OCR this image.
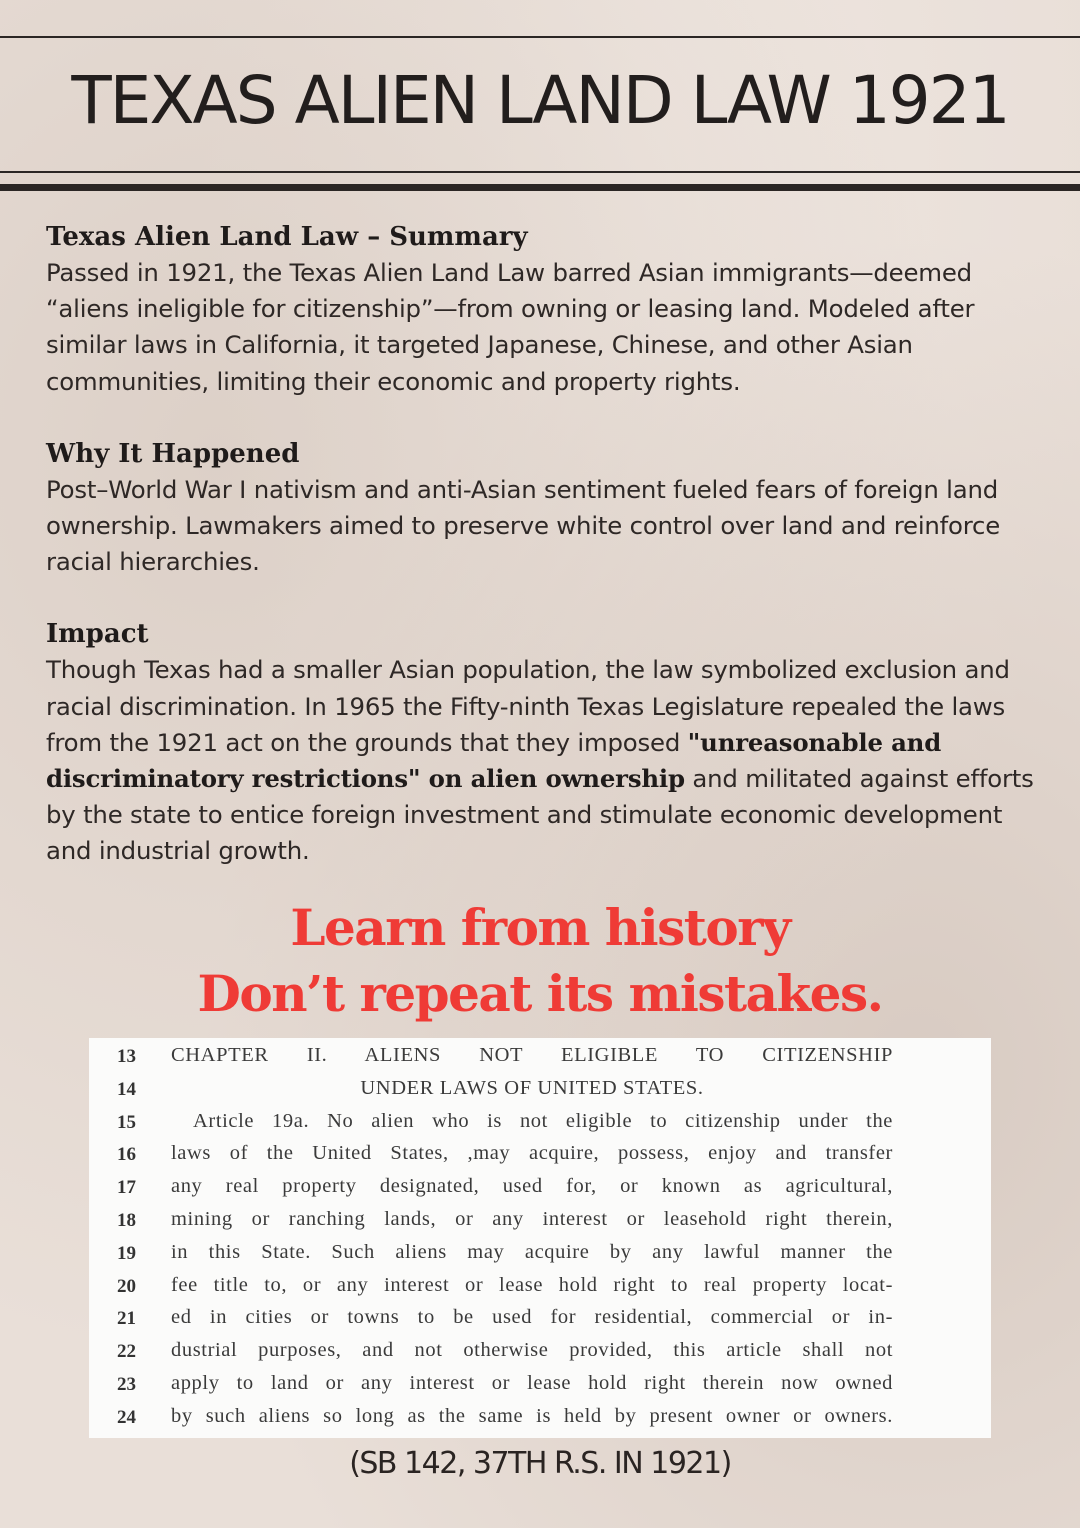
TEXAS ALIEN LAND LAW 1921
Texas Alien Land Law – Summary

Passed in 1921, the Texas Alien Land Law barred Asian immigrants—deemed “aliens ineligible for citizenship”—from owning or leasing land. Modeled after similar laws in California, it targeted Japanese, Chinese, and other Asian communities, limiting their economic and property rights.

Why It Happened

Post–World War I nativism and anti-Asian sentiment fueled fears of foreign land ownership. Lawmakers aimed to preserve white control over land and reinforce racial hierarchies.

Impact

Though Texas had a smaller Asian population, the law symbolized exclusion and racial discrimination. In 1965 the Fifty-ninth Texas Legislature repealed the laws from the 1921 act on the grounds that they imposed "unreasonable and discriminatory restrictions" on alien ownership and militated against efforts by the state to entice foreign investment and stimulate economic development and industrial growth.

Learn from history

Don’t repeat its mistakes.

13	CHAPTER II. ALIENS NOT ELIGIBLE TO CITIZENSHIP
14	UNDER LAWS OF UNITED STATES.
15	Article 19a. No alien who is not eligible to citizenship under the
16	laws of the United States, ,may acquire, possess, enjoy and transfer
17	any real property designated, used for, or known as agricultural,
18	mining or ranching lands, or any interest or leasehold right therein,
19	in this State. Such aliens may acquire by any lawful manner the
20	fee title to, or any interest or lease hold right to real property locat-
21	ed in cities or towns to be used for residential, commercial or in-
22	dustrial purposes, and not otherwise provided, this article shall not
23	apply to land or any interest or lease hold right therein now owned
24	by such aliens so long as the same is held by present owner or owners.

(SB 142, 37TH R.S. IN 1921)
